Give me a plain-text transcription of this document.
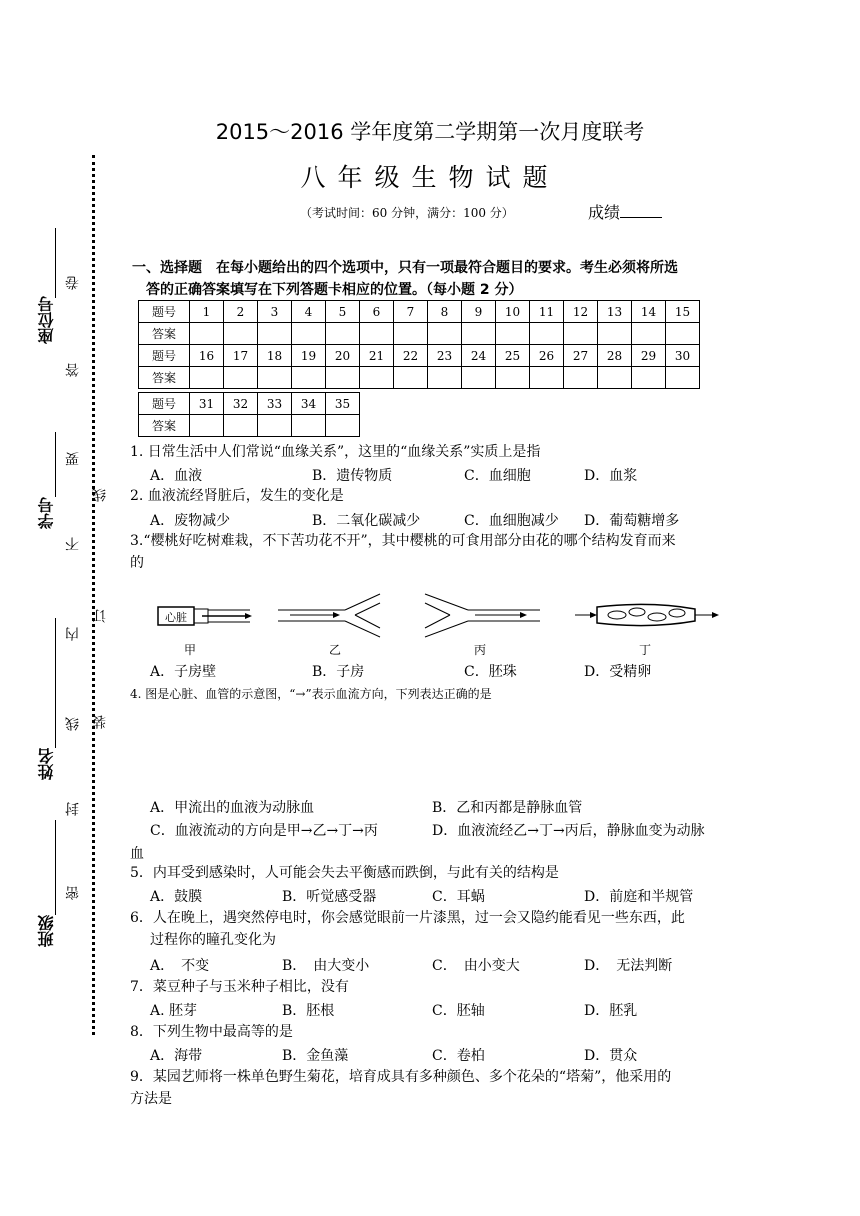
2015～2016 学年度第二学期第一次月度联考
八年级生物试题
（考试时间：60 分钟，满分：100 分）	成绩
座位号
学号
姓名
班级
卷
答
要
不
内
线
封
密
线
订
装
一、选择题　在每小题给出的四个选项中，只有一项最符合题目的要求。考生必须将所选
答的正确答案填写在下列答题卡相应的位置。（每小题 2 分）
题号	1	2	3	4	5	6	7	8	9	10	11	12	13	14	15
答案															
题号	16	17	18	19	20	21	22	23	24	25	26	27	28	29	30
答案															
题号	31	32	33	34	35
答案					
1. 日常生活中人们常说“血缘关系”，这里的“血缘关系”实质上是指
A．血液	B．遗传物质	C．血细胞	D．血浆
2. 血液流经肾脏后，发生的变化是
A．废物减少	B．二氧化碳减少	C．血细胞减少 D．葡萄糖增多
3.“樱桃好吃树难栽，不下苦功花不开”，其中樱桃的可食用部分由花的哪个结构发育而来
的
心脏
甲	乙	丙	丁
A．子房壁	B．子房	C．胚珠	D．受精卵
4. 图是心脏、血管的示意图，“→”表示血流方向，下列表达正确的是
A．甲流出的血液为动脉血	B．乙和丙都是静脉血管
C．血液流动的方向是甲→乙→丁→丙	D．血液流经乙→丁→丙后，静脉血变为动脉
血
5．内耳受到感染时，人可能会失去平衡感而跌倒，与此有关的结构是
A．鼓膜	B．听觉感受器	C．耳蜗	D．前庭和半规管
6．人在晚上，遇突然停电时，你会感觉眼前一片漆黑，过一会又隐约能看见一些东西，此
过程你的瞳孔变化为
A．　不变	B．　由大变小	C．　由小变大	D．　无法判断
7．菜豆种子与玉米种子相比，没有
A. 胚芽	B．胚根	C．胚轴	D．胚乳
8．下列生物中最高等的是
A．海带	B．金鱼藻	C．卷柏	D．贯众
9．某园艺师将一株单色野生菊花，培育成具有多种颜色、多个花朵的“塔菊”，他采用的
方法是
